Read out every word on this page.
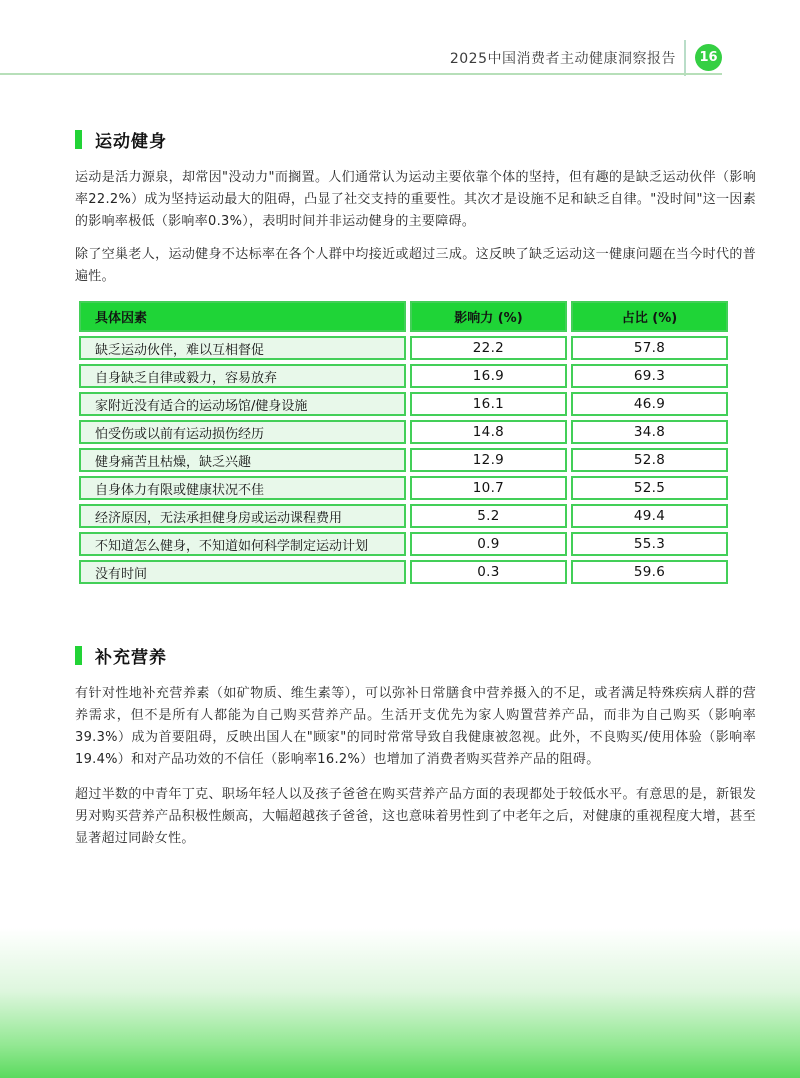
2025中国消费者主动健康洞察报告	16
运动健身

运动是活力源泉，却常因"没动力"而搁置。人们通常认为运动主要依靠个体的坚持，但有趣的是缺乏运动伙伴（影响率22.2%）成为坚持运动最大的阻碍，凸显了社交支持的重要性。其次才是设施不足和缺乏自律。"没时间"这一因素的影响率极低（影响率0.3%），表明时间并非运动健身的主要障碍。

除了空巢老人，运动健身不达标率在各个人群中均接近或超过三成。这反映了缺乏运动这一健康问题在当今时代的普遍性。

具体因素	影响力 (%)	占比 (%)
缺乏运动伙伴，难以互相督促	22.2	57.8
自身缺乏自律或毅力，容易放弃	16.9	69.3
家附近没有适合的运动场馆/健身设施	16.1	46.9
怕受伤或以前有运动损伤经历	14.8	34.8
健身痛苦且枯燥，缺乏兴趣	12.9	52.8
自身体力有限或健康状况不佳	10.7	52.5
经济原因，无法承担健身房或运动课程费用	5.2	49.4
不知道怎么健身，不知道如何科学制定运动计划	0.9	55.3
没有时间	0.3	59.6
补充营养

有针对性地补充营养素（如矿物质、维生素等），可以弥补日常膳食中营养摄入的不足，或者满足特殊疾病人群的营养需求，但不是所有人都能为自己购买营养产品。生活开支优先为家人购置营养产品，而非为自己购买（影响率39.3%）成为首要阻碍，反映出国人在"顾家"的同时常常导致自我健康被忽视。此外，不良购买/使用体验（影响率19.4%）和对产品功效的不信任（影响率16.2%）也增加了消费者购买营养产品的阻碍。

超过半数的中青年丁克、职场年轻人以及孩子爸爸在购买营养产品方面的表现都处于较低水平。有意思的是，新银发男对购买营养产品积极性颇高，大幅超越孩子爸爸，这也意味着男性到了中老年之后，对健康的重视程度大增，甚至显著超过同龄女性。
